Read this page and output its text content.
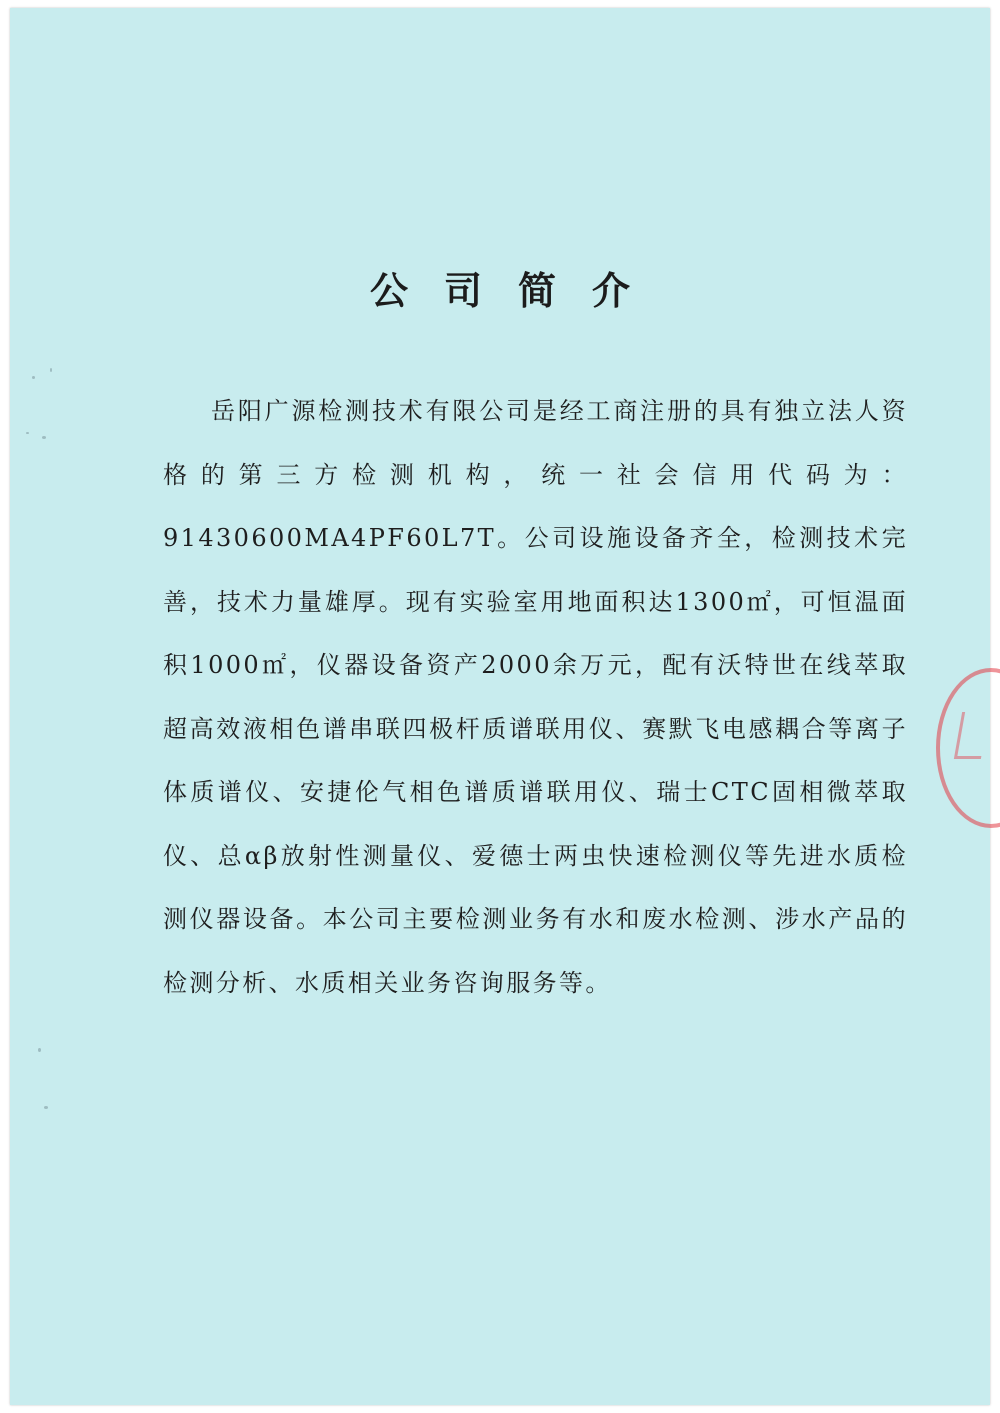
公司简介

岳阳广源检测技术有限公司是经工商注册的具有独立法人资格的第三方检测机构，统一社会信用代码为：91430600MA4PF60L7T。公司设施设备齐全，检测技术完善，技术力量雄厚。现有实验室用地面积达1300㎡，可恒温面积1000㎡，仪器设备资产2000余万元，配有沃特世在线萃取超高效液相色谱串联四极杆质谱联用仪、赛默飞电感耦合等离子体质谱仪、安捷伦气相色谱质谱联用仪、瑞士CTC固相微萃取仪、总αβ放射性测量仪、爱德士两虫快速检测仪等先进水质检测仪器设备。本公司主要检测业务有水和废水检测、涉水产品的检测分析、水质相关业务咨询服务等。
